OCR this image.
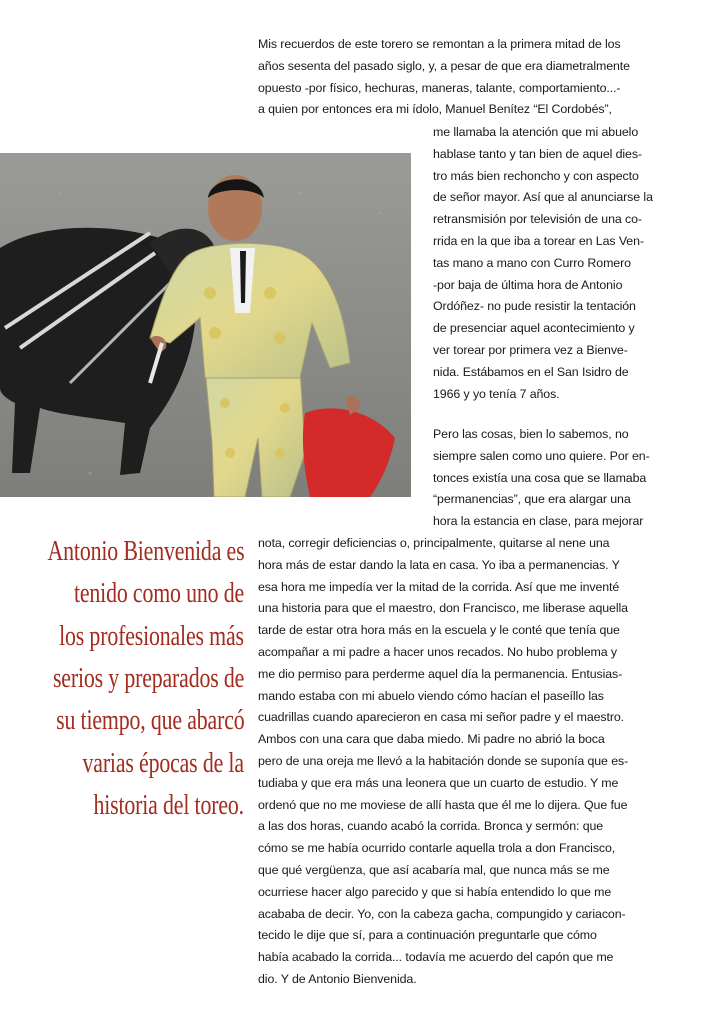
Mis recuerdos de este torero se remontan a la primera mitad de los
años sesenta del pasado siglo, y, a pesar de que era diametralmente
opuesto -por físico, hechuras, maneras, talante, comportamiento...-
a quien por entonces era mi ídolo, Manuel Benítez “El Cordobés”,
me llamaba la atención que mi abuelo
hablase tanto y tan bien de aquel dies-
tro más bien rechoncho y con aspecto
de señor mayor. Así que al anunciarse la
retransmisión por televisión de una co-
rrida en la que iba a torear en Las Ven-
tas mano a mano con Curro Romero
-por baja de última hora de Antonio
Ordóñez- no pude resistir la tentación
de presenciar aquel acontecimiento y
ver torear por primera vez a Bienve-
nida. Estábamos en el San Isidro de
1966 y yo tenía 7 años.
Antonio Bienvenida es
tenido como uno de
los profesionales más
serios y preparados de
su tiempo, que abarcó
varias épocas de la
historia del toreo.
Pero las cosas, bien lo sabemos, no
siempre salen como uno quiere. Por en-
tonces existía una cosa que se llamaba
“permanencias”, que era alargar una
hora la estancia en clase, para mejorar
nota, corregir deficiencias o, principalmente, quitarse al nene una
hora más de estar dando la lata en casa. Yo iba a permanencias. Y
esa hora me impedía ver la mitad de la corrida. Así que me inventé
una historia para que el maestro, don Francisco, me liberase aquella
tarde de estar otra hora más en la escuela y le conté que tenía que
acompañar a mi padre a hacer unos recados. No hubo problema y
me dio permiso para perderme aquel día la permanencia. Entusias-
mando estaba con mi abuelo viendo cómo hacían el paseíllo las
cuadrillas cuando aparecieron en casa mi señor padre y el maestro.
Ambos con una cara que daba miedo. Mi padre no abrió la boca
pero de una oreja me llevó a la habitación donde se suponía que es-
tudiaba y que era más una leonera que un cuarto de estudio. Y me
ordenó que no me moviese de allí hasta que él me lo dijera. Que fue
a las dos horas, cuando acabó la corrida. Bronca y sermón: que
cómo se me había ocurrido contarle aquella trola a don Francisco,
que qué vergüenza, que así acabaría mal, que nunca más se me
ocurriese hacer algo parecido y que si había entendido lo que me
acababa de decir. Yo, con la cabeza gacha, compungido y cariacon-
tecido le dije que sí, para a continuación preguntarle que cómo
había acabado la corrida... todavía me acuerdo del capón que me
dio. Y de Antonio Bienvenida.
